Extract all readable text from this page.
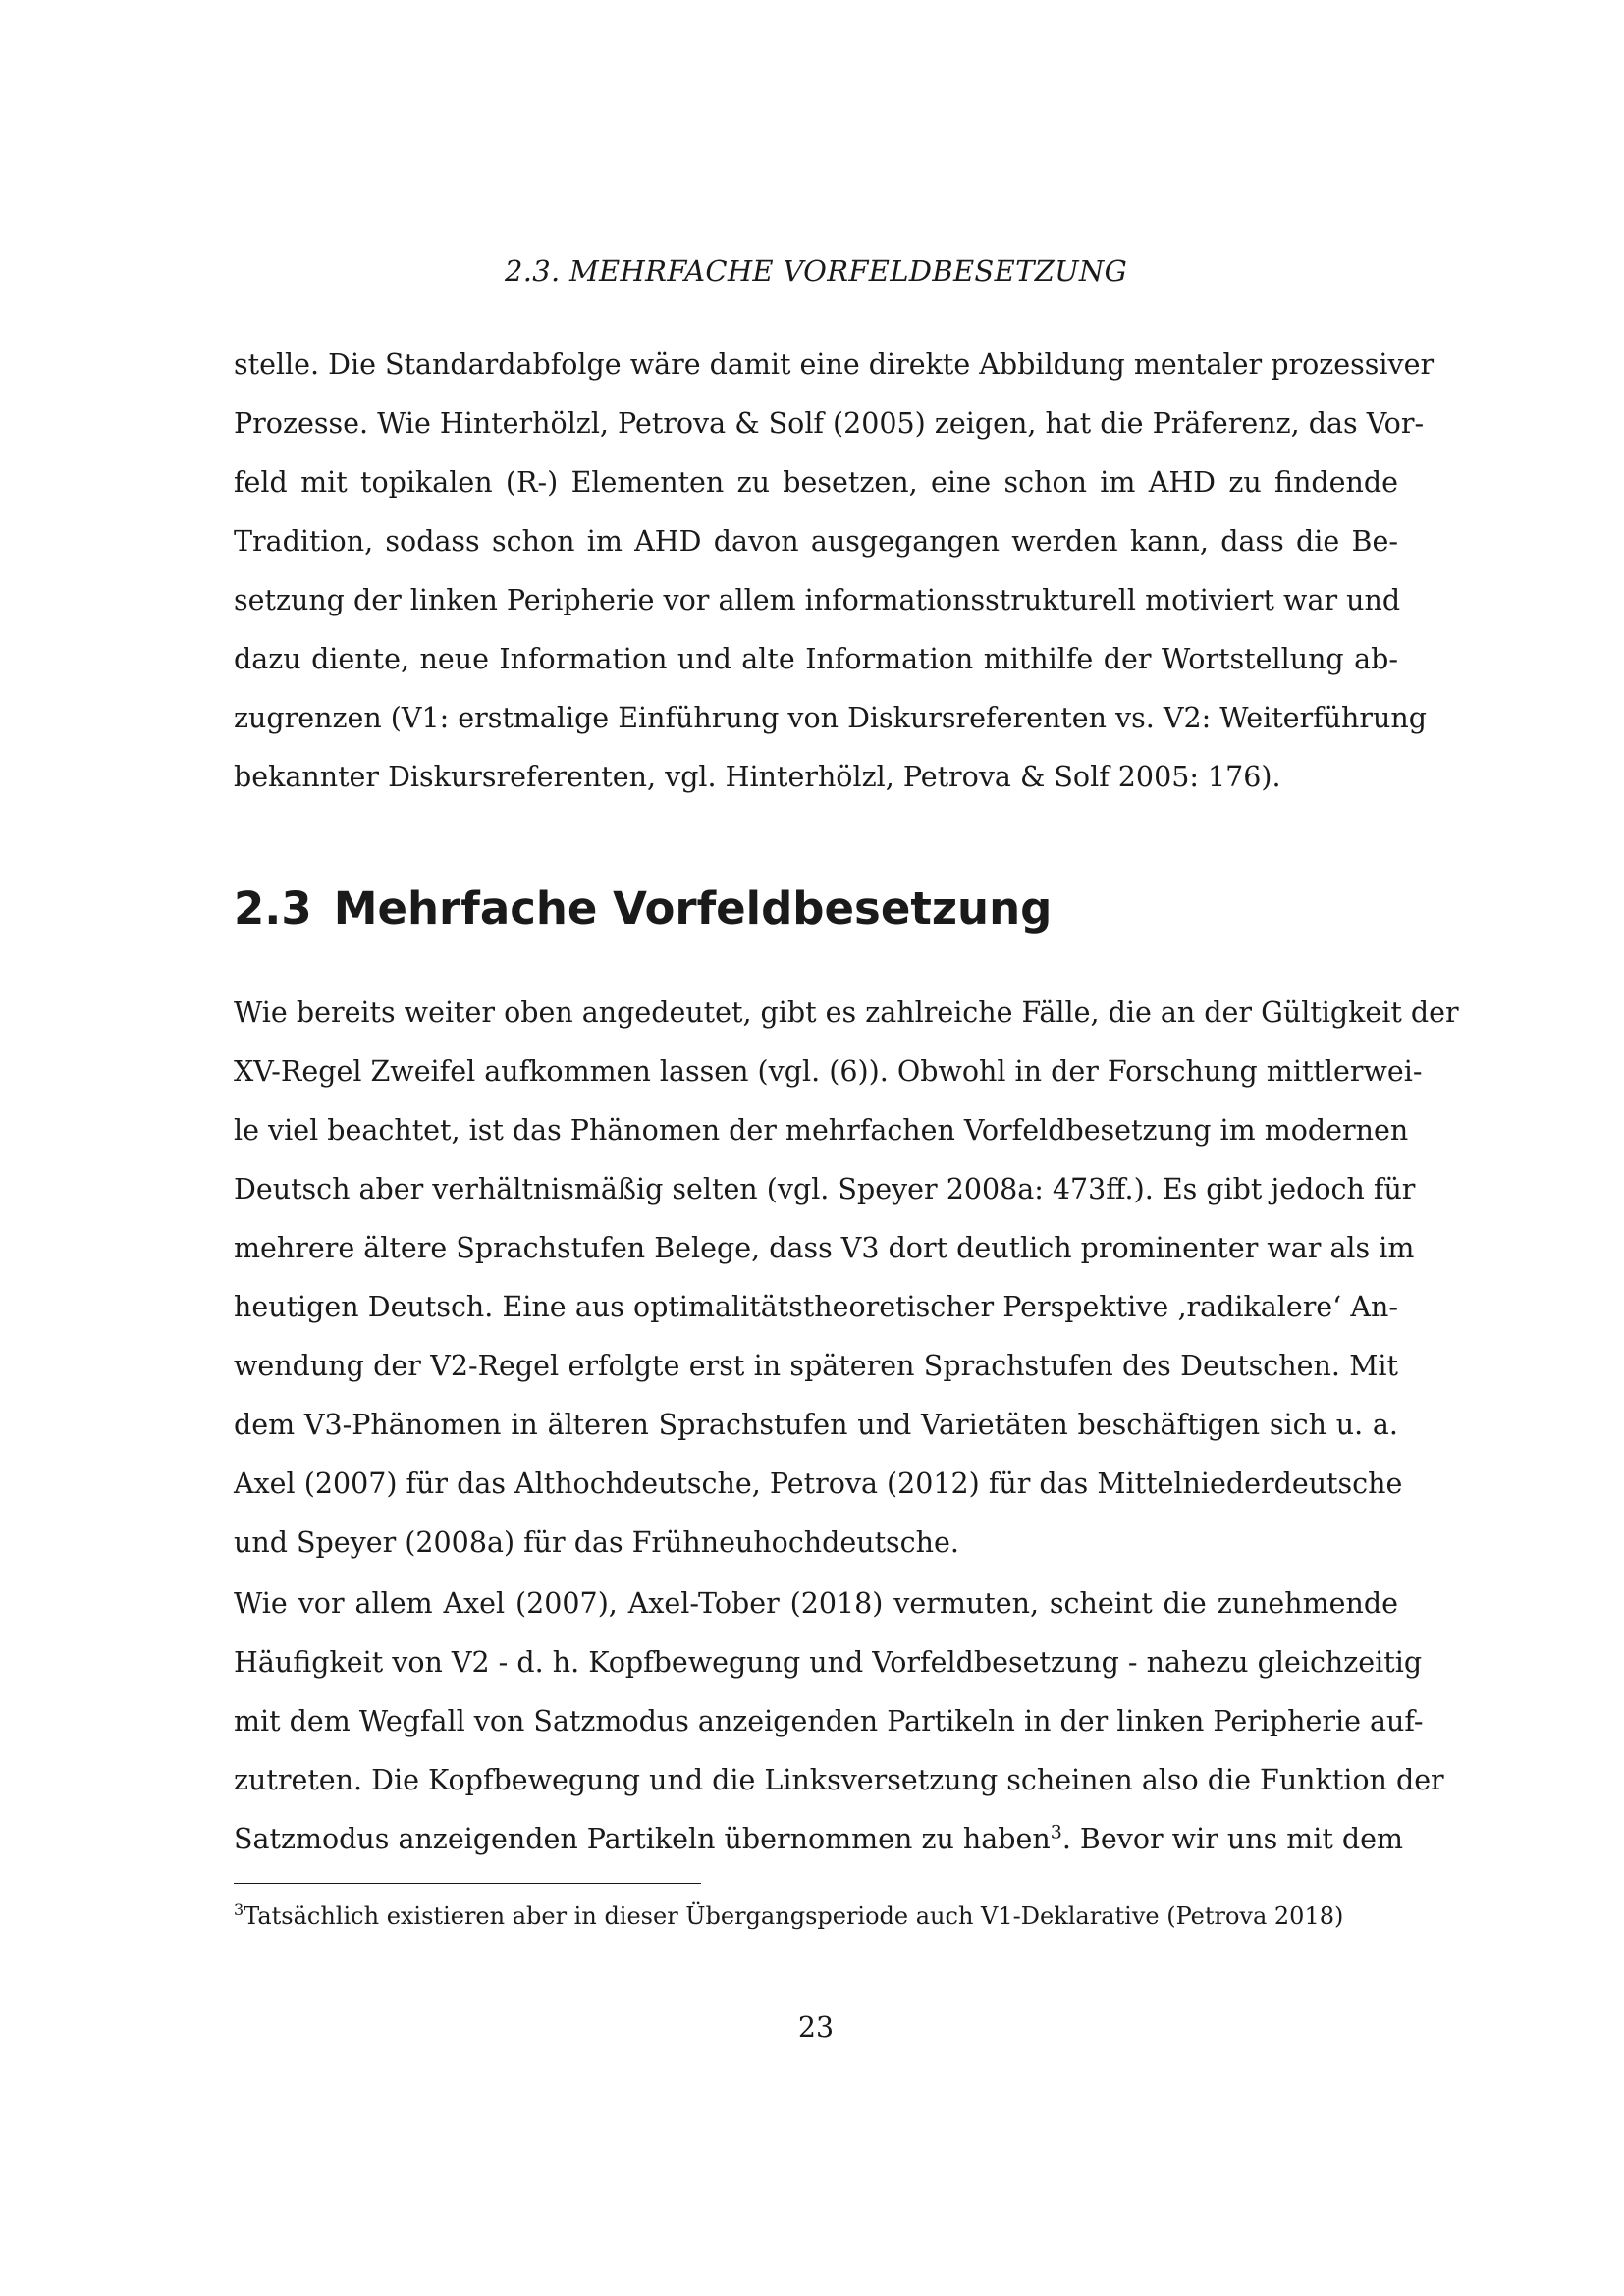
2.3. MEHRFACHE VORFELDBESETZUNG

stelle. Die Standardabfolge wäre damit eine direkte Abbildung mentaler prozessiver
Prozesse. Wie Hinterhölzl, Petrova & Solf (2005) zeigen, hat die Präferenz, das Vor-
feld mit topikalen (R-) Elementen zu besetzen, eine schon im AHD zu findende
Tradition, sodass schon im AHD davon ausgegangen werden kann, dass die Be-
setzung der linken Peripherie vor allem informationsstrukturell motiviert war und
dazu diente, neue Information und alte Information mithilfe der Wortstellung ab-
zugrenzen (V1: erstmalige Einführung von Diskursreferenten vs. V2: Weiterführung
bekannter Diskursreferenten, vgl. Hinterhölzl, Petrova & Solf 2005: 176).

2.3 Mehrfache Vorfeldbesetzung

Wie bereits weiter oben angedeutet, gibt es zahlreiche Fälle, die an der Gültigkeit der
XV-Regel Zweifel aufkommen lassen (vgl. (6)). Obwohl in der Forschung mittlerwei-
le viel beachtet, ist das Phänomen der mehrfachen Vorfeldbesetzung im modernen
Deutsch aber verhältnismäßig selten (vgl. Speyer 2008a: 473ff.). Es gibt jedoch für
mehrere ältere Sprachstufen Belege, dass V3 dort deutlich prominenter war als im
heutigen Deutsch. Eine aus optimalitätstheoretischer Perspektive ‚radikalere‘ An-
wendung der V2-Regel erfolgte erst in späteren Sprachstufen des Deutschen. Mit
dem V3-Phänomen in älteren Sprachstufen und Varietäten beschäftigen sich u. a.
Axel (2007) für das Althochdeutsche, Petrova (2012) für das Mittelniederdeutsche
und Speyer (2008a) für das Frühneuhochdeutsche.

Wie vor allem Axel (2007), Axel-Tober (2018) vermuten, scheint die zunehmende
Häufigkeit von V2 - d. h. Kopfbewegung und Vorfeldbesetzung - nahezu gleichzeitig
mit dem Wegfall von Satzmodus anzeigenden Partikeln in der linken Peripherie auf-
zutreten. Die Kopfbewegung und die Linksversetzung scheinen also die Funktion der
Satzmodus anzeigenden Partikeln übernommen zu haben$^3$. Bevor wir uns mit dem

$^3$Tatsächlich existieren aber in dieser Übergangsperiode auch V1-Deklarative (Petrova 2018)

23
